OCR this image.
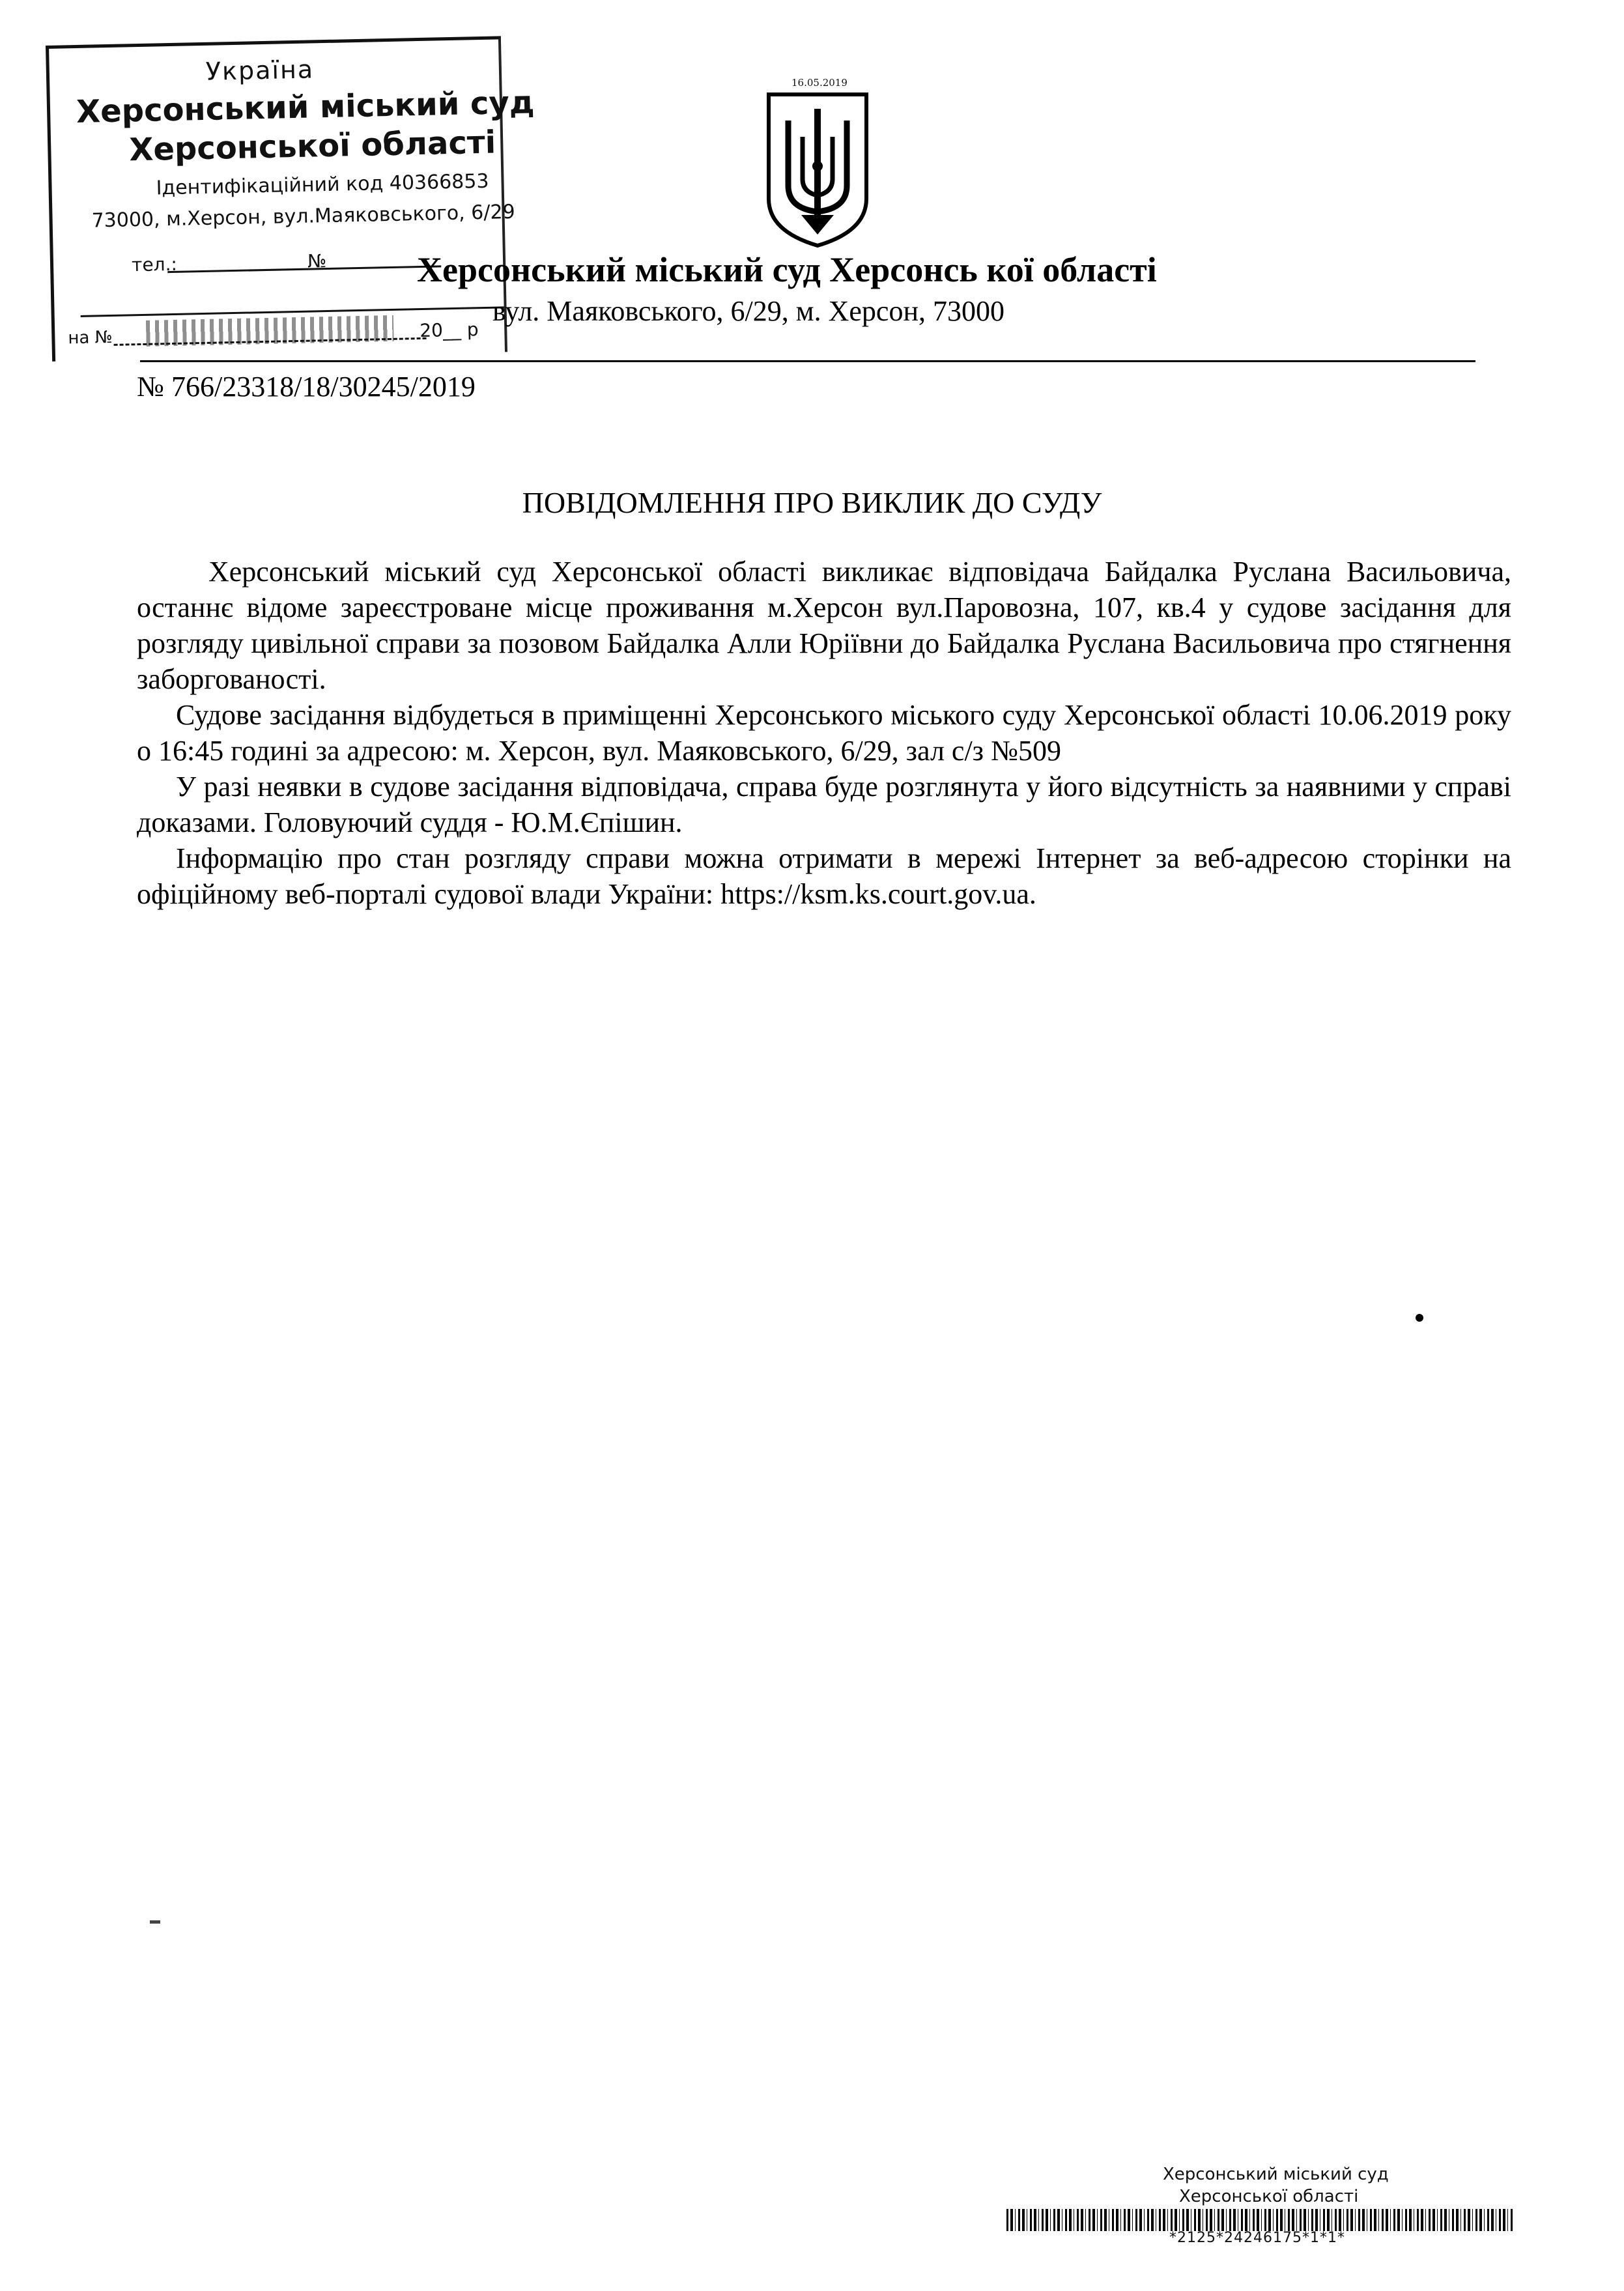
Україна
Херсонський міський суд
Херсонської області
Ідентифікаційний код 40366853
73000, м.Херсон, вул.Маяковського, 6/29
тел.:	№
на №	20__ р
16.05.2019
Херсонський міський суд Херсонсь кої області
вул. Маяковського, 6/29, м. Херсон, 73000
№ 766/23318/18/30245/2019
ПОВІДОМЛЕННЯ ПРО ВИКЛИК ДО СУДУ

Херсонський міський суд Херсонської області викликає відповідача Байдалка Руслана Васильовича, останнє відоме зареєстроване місце проживання м.Херсон вул.Паровозна, 107, кв.4 у судове засідання для розгляду цивільної справи за позовом Байдалка Алли Юріївни до Байдалка Руслана Васильовича про стягнення заборгованості.

Судове засідання відбудеться в приміщенні Херсонського міського суду Херсонської області 10.06.2019 року о 16:45 годині за адресою: м. Херсон, вул. Маяковського, 6/29, зал с/з №509

У разі неявки в судове засідання відповідача, справа буде розглянута у його відсутність за наявними у справі доказами. Головуючий суддя - Ю.М.Єпішин.

Інформацію про стан розгляду справи можна отримати в мережі Інтернет за веб-адресою сторінки на офіційному веб-порталі судової влади України: https://ksm.ks.court.gov.ua.

Херсонський міський суд
Херсонської області
*2125*24246175*1*1*
